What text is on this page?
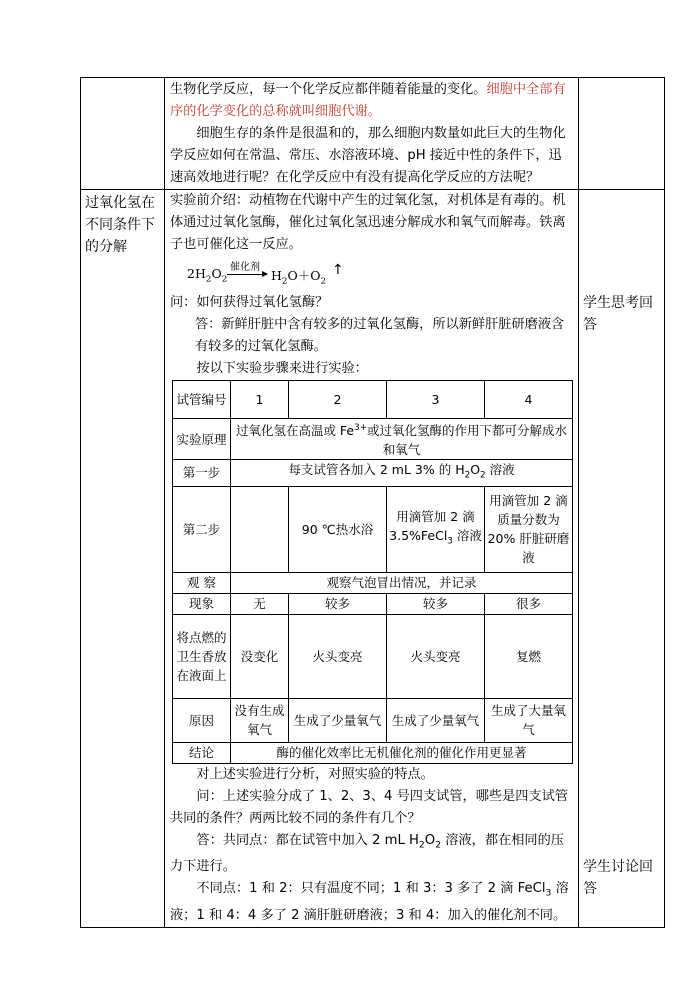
生物化学反应，每一个化学反应都伴随着能量的变化。细胞中全部有序的化学变化的总称就叫细胞代谢。

细胞生存的条件是很温和的，那么细胞内数量如此巨大的生物化学反应如何在常温、常压、水溶液环境、pH 接近中性的条件下，迅速高效地进行呢？在化学反应中有没有提高化学反应的方法呢？

过氧化氢在不同条件下的分解

实验前介绍：动植物在代谢中产生的过氧化氢，对机体是有毒的。机体通过过氧化氢酶，催化过氧化氢迅速分解成水和氧气而解毒。铁离子也可催化这一反应。

$2H_2O_2$
催化剂
→ $H_2O+O_2$
↑

问：如何获得过氧化氢酶？

答：新鲜肝脏中含有较多的过氧化氢酶，所以新鲜肝脏研磨液含有较多的过氧化氢酶。

按以下实验步骤来进行实验：

试管编号	1	2	3	4
实验原理	过氧化氢在高温或 $Fe^{3+}$或过氧化氢酶的作用下都可分解成水和氧气
第一步	每支试管各加入 2 mL 3% 的 $H_2O_2$ 溶液
第二步		90 ℃热水浴	用滴管加 2 滴 3.5%FeCl$_3$ 溶液	用滴管加 2 滴质量分数为 20% 肝脏研磨液
观 察	观察气泡冒出情况，并记录
现象	无	较多	较多	很多
将点燃的卫生香放在液面上	没变化	火头变亮	火头变亮	复燃
原因	没有生成氧气	生成了少量氧气	生成了少量氧气	生成了大量氧气
结论	酶的催化效率比无机催化剂的催化作用更显著

对上述实验进行分析，对照实验的特点。

问：上述实验分成了 1、2、3、4 号四支试管，哪些是四支试管共同的条件？两两比较不同的条件有几个？

答：共同点：都在试管中加入 2 mL $H_2O_2$ 溶液，都在相同的压力下进行。

不同点：1 和 2：只有温度不同；1 和 3：3 多了 2 滴 FeCl$_3$ 溶液；1 和 4：4 多了 2 滴肝脏研磨液；3 和 4：加入的催化剂不同。

学生思考回答
学生讨论回答
